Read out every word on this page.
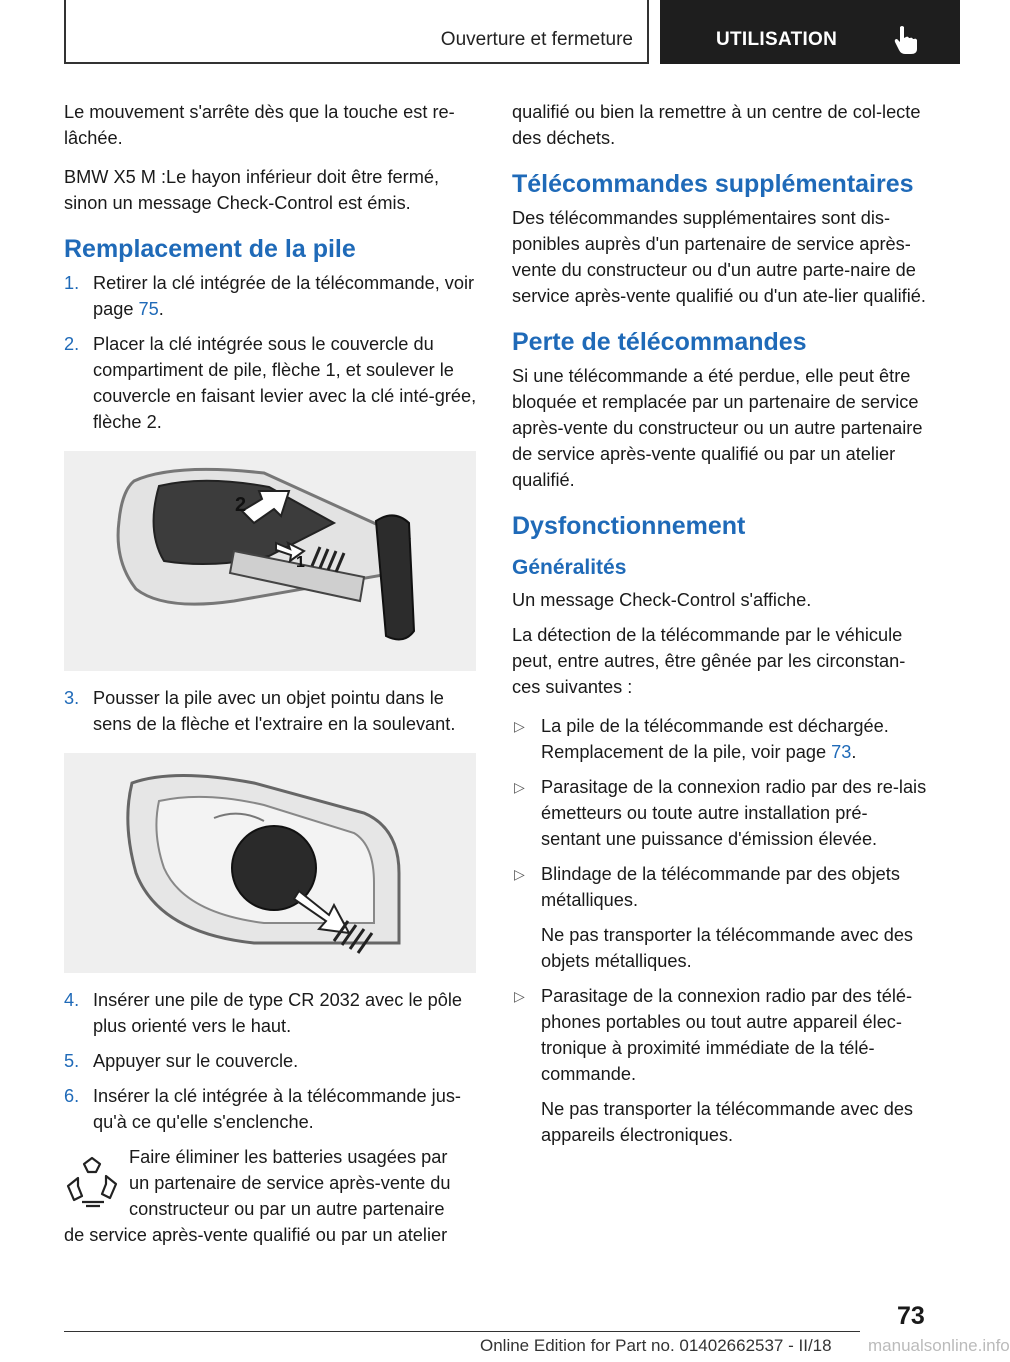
Ouverture et fermeture	UTILISATION

Le mouvement s'arrête dès que la touche est re-lâchée.

BMW X5 M :Le hayon inférieur doit être fermé, sinon un message Check-Control est émis.

Remplacement de la pile
1. Retirer la clé intégrée de la télécommande, voir page 75.
2. Placer la clé intégrée sous le couvercle du compartiment de pile, flèche 1, et soulever le couvercle en faisant levier avec la clé inté-grée, flèche 2.
2
1
3. Pousser la pile avec un objet pointu dans le sens de la flèche et l'extraire en la soulevant.
4. Insérer une pile de type CR 2032 avec le pôle plus orienté vers le haut.
5. Appuyer sur le couvercle.
6. Insérer la clé intégrée à la télécommande jus-qu'à ce qu'elle s'enclenche.
Faire éliminer les batteries usagées par
un partenaire de service après-vente du
constructeur ou par un autre partenaire
de service après-vente qualifié ou par un atelier

qualifié ou bien la remettre à un centre de col-lecte des déchets.

Télécommandes supplémentaires

Des télécommandes supplémentaires sont dis-ponibles auprès d'un partenaire de service après-vente du constructeur ou d'un autre parte-naire de service après-vente qualifié ou d'un ate-lier qualifié.

Perte de télécommandes

Si une télécommande a été perdue, elle peut être bloquée et remplacée par un partenaire de service après-vente du constructeur ou un autre partenaire de service après-vente qualifié ou par un atelier qualifié.

Dysfonctionnement
Généralités

Un message Check-Control s'affiche.

La détection de la télécommande par le véhicule peut, entre autres, être gênée par les circonstan-ces suivantes :

▷ La pile de la télécommande est déchargée. Remplacement de la pile, voir page 73.
▷ Parasitage de la connexion radio par des re-lais émetteurs ou toute autre installation pré-sentant une puissance d'émission élevée.
▷ Blindage de la télécommande par des objets métalliques.
Ne pas transporter la télécommande avec des objets métalliques.
▷ Parasitage de la connexion radio par des télé-phones portables ou tout autre appareil élec-tronique à proximité immédiate de la télé-commande.
Ne pas transporter la télécommande avec des appareils électroniques.
73
Online Edition for Part no. 01402662537 - II/18 manualsonline.info
